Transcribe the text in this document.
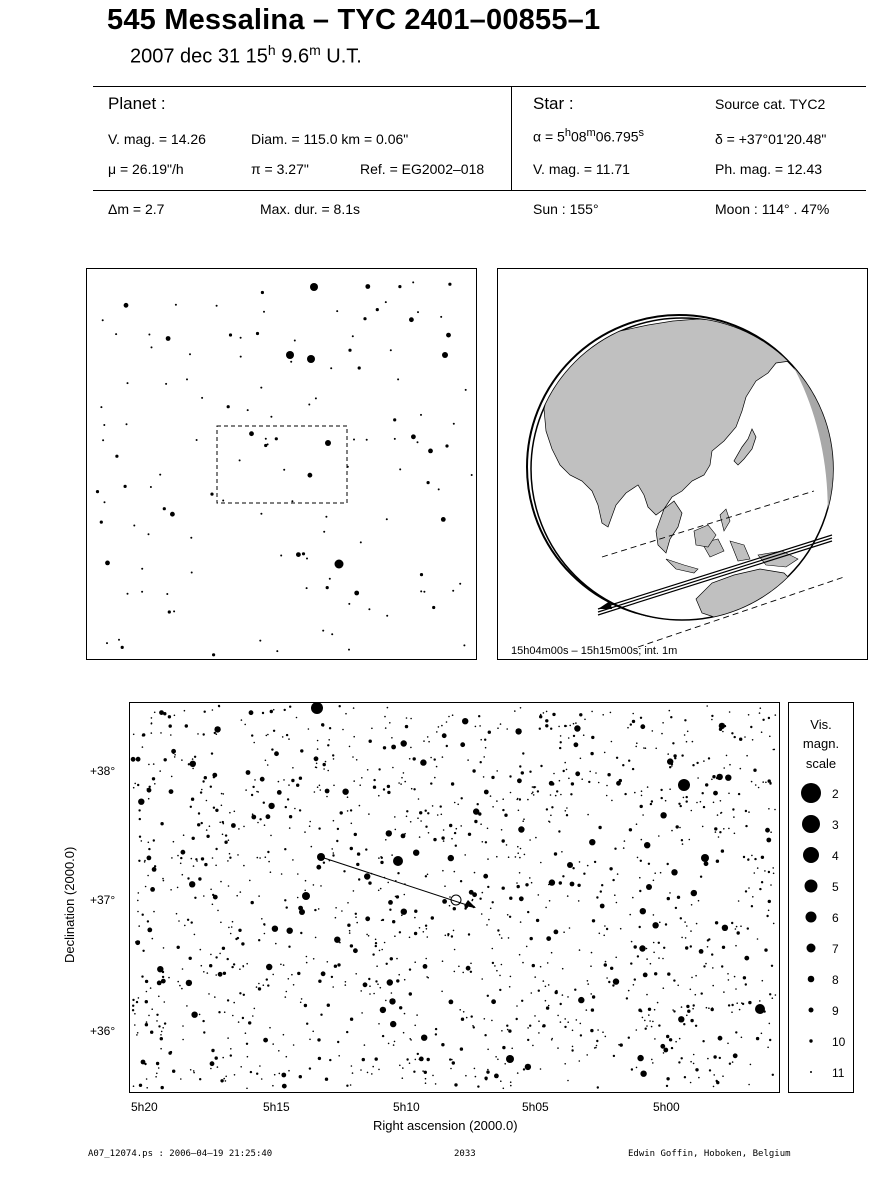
545 Messalina – TYC 2401–00855–1
2007 dec 31 15$^h$ 9.6$^m$ U.T.
Planet :
V. mag. = 14.26	Diam. = 115.0 km = 0.06"
μ = 26.19"/h	π = 3.27"	Ref. = EG2002–018
Star :	Source cat. TYC2
$\alpha = 5^h08^m06.795^s$	δ = +37°01'20.48"
V. mag. = 11.71	Ph. mag. = 12.43
Δm = 2.7	Max. dur. = 8.1s	Sun : 155°	Moon : 114° . 47%
15h04m00s – 15h15m00s; int. 1m
+38°
+37°
+36°
Declination (2000.0)
5h20	5h15	5h10	5h05	5h00
Right ascension (2000.0)
Vis.
magn.
scale
2
3
4
5
6
7
8
9
10
11
A07_12074.ps : 2006–04–19 21:25:40	2033	Edwin Goffin, Hoboken, Belgium
